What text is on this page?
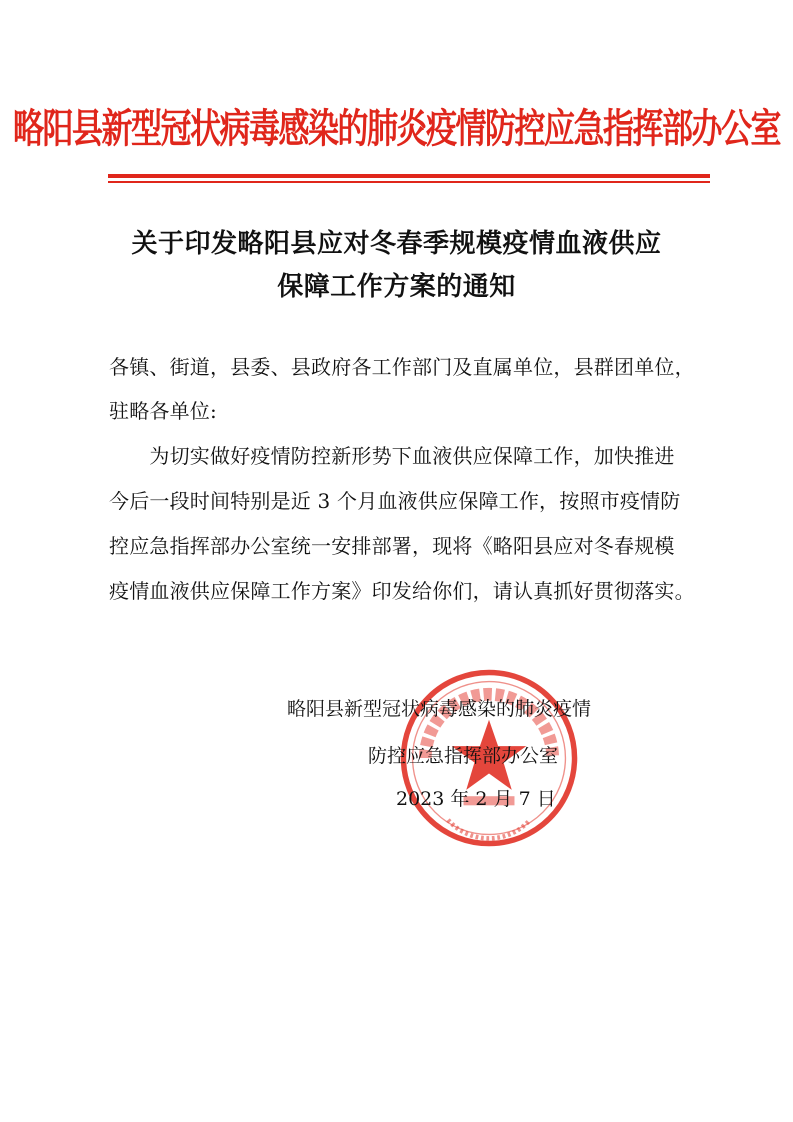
略阳县新型冠状病毒感染的肺炎疫情防控应急指挥部办公室
关于印发略阳县应对冬春季规模疫情血液供应
保障工作方案的通知
各镇、街道，县委、县政府各工作部门及直属单位，县群团单位，
驻略各单位:
　　为切实做好疫情防控新形势下血液供应保障工作，加快推进
今后一段时间特别是近 3 个月血液供应保障工作，按照市疫情防
控应急指挥部办公室统一安排部署，现将《略阳县应对冬春规模
疫情血液供应保障工作方案》印发给你们，请认真抓好贯彻落实。
略阳县新型冠状病毒感染的肺炎疫情
防控应急指挥部办公室
2023 年 2 月 7 日
